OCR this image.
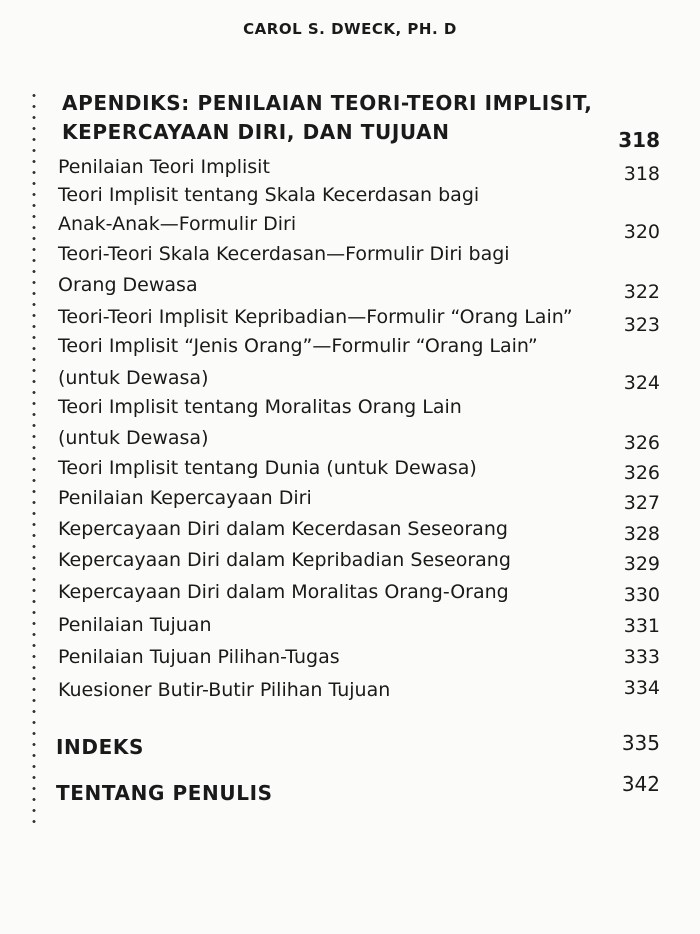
CAROL S. DWECK, PH. D
APENDIKS: PENILAIAN TEORI-TEORI IMPLISIT,
KEPERCAYAAN DIRI, DAN TUJUAN	318
Penilaian Teori Implisit	318
Teori Implisit tentang Skala Kecerdasan bagi
Anak-Anak—Formulir Diri	320
Teori-Teori Skala Kecerdasan—Formulir Diri bagi
Orang Dewasa	322
Teori-Teori Implisit Kepribadian—Formulir “Orang Lain”	323
Teori Implisit “Jenis Orang”—Formulir “Orang Lain”
(untuk Dewasa)	324
Teori Implisit tentang Moralitas Orang Lain
(untuk Dewasa)	326
Teori Implisit tentang Dunia (untuk Dewasa)	326
Penilaian Kepercayaan Diri	327
Kepercayaan Diri dalam Kecerdasan Seseorang	328
Kepercayaan Diri dalam Kepribadian Seseorang	329
Kepercayaan Diri dalam Moralitas Orang-Orang	330
Penilaian Tujuan	331
Penilaian Tujuan Pilihan-Tugas	333
Kuesioner Butir-Butir Pilihan Tujuan	334
INDEKS	335
TENTANG PENULIS	342
